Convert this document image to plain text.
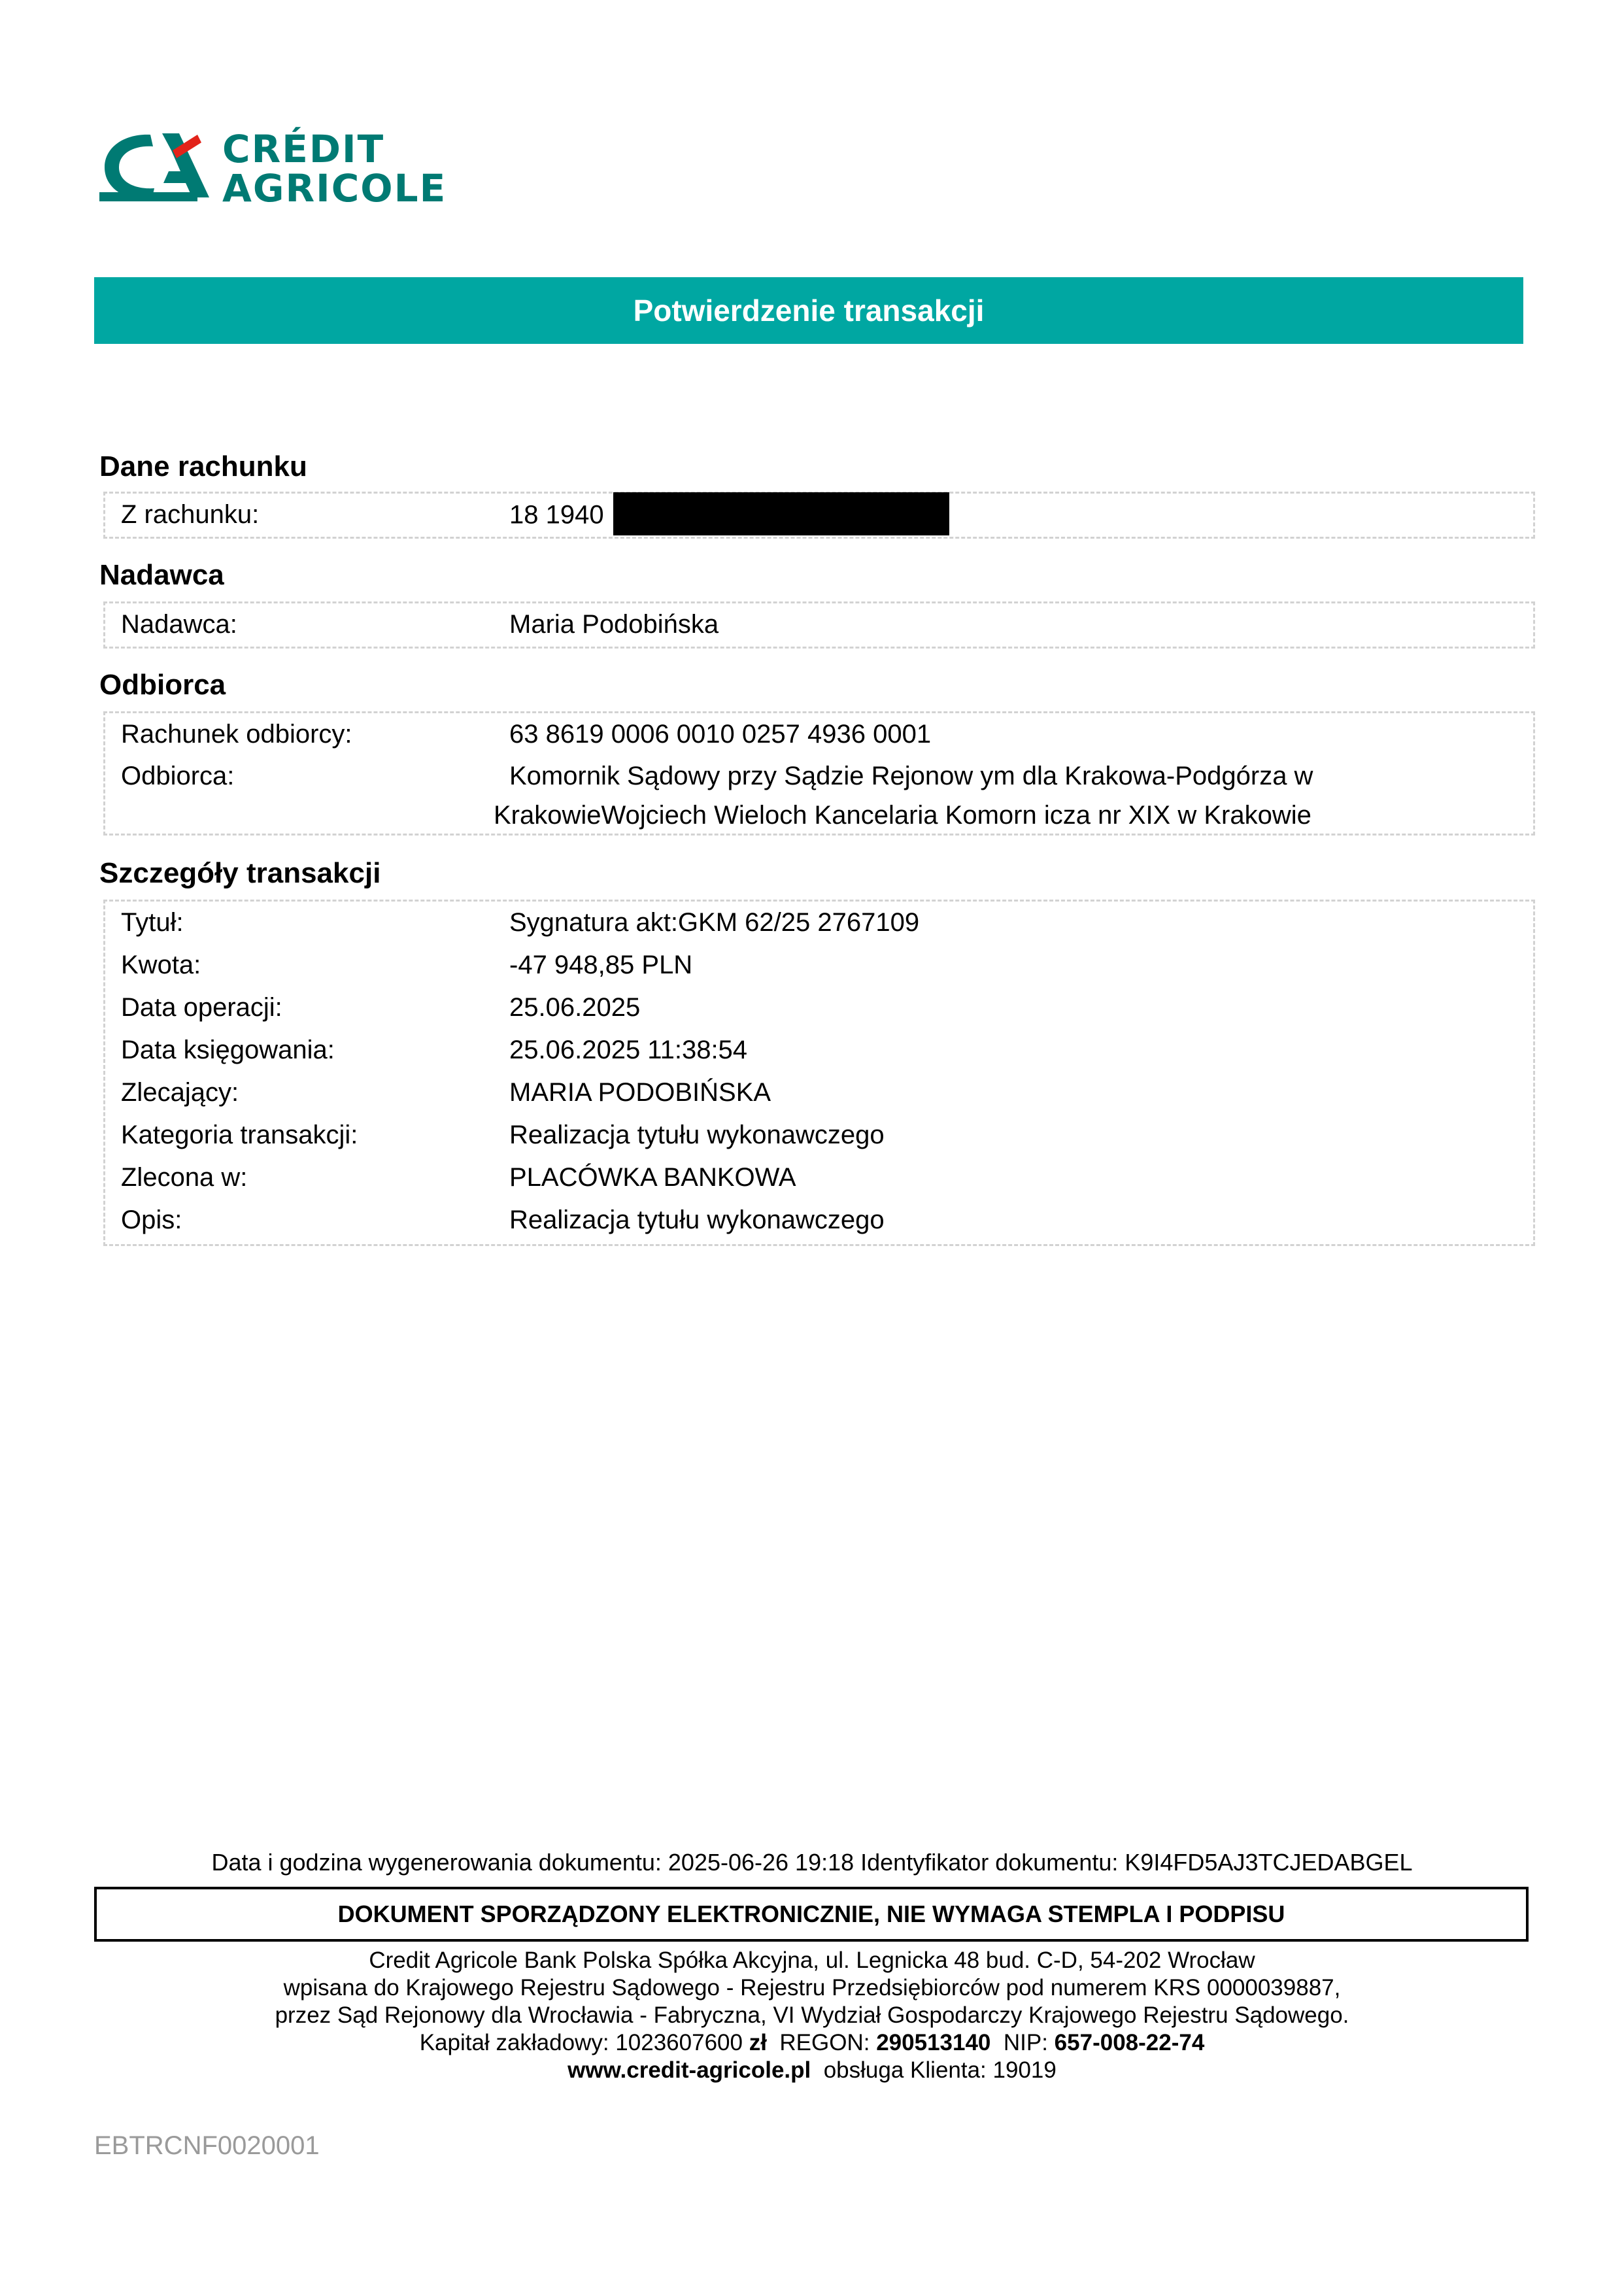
CRÉDIT
AGRICOLE
Potwierdzenie transakcji
Dane rachunku
Z rachunku:	18 1940
Nadawca
Nadawca:	Maria Podobińska
Odbiorca
Rachunek odbiorcy:	63 8619 0006 0010 0257 4936 0001
Odbiorca:	Komornik Sądowy przy Sądzie Rejonow ym dla Krakowa-Podgórza w KrakowieWojciech Wieloch Kancelaria Komorn icza nr XIX w Krakowie
Szczegóły transakcji
Tytuł:	Sygnatura akt:GKM 62/25 2767109
Kwota:	-47 948,85 PLN
Data operacji:	25.06.2025
Data księgowania:	25.06.2025 11:38:54
Zlecający:	MARIA PODOBIŃSKA
Kategoria transakcji:	Realizacja tytułu wykonawczego
Zlecona w:	PLACÓWKA BANKOWA
Opis:	Realizacja tytułu wykonawczego
Data i godzina wygenerowania dokumentu: 2025-06-26 19:18 Identyfikator dokumentu: K9I4FD5AJ3TCJEDABGEL
DOKUMENT SPORZĄDZONY ELEKTRONICZNIE, NIE WYMAGA STEMPLA I PODPISU
Credit Agricole Bank Polska Spółka Akcyjna, ul. Legnicka 48 bud. C-D, 54-202 Wrocław
wpisana do Krajowego Rejestru Sądowego - Rejestru Przedsiębiorców pod numerem KRS 0000039887,
przez Sąd Rejonowy dla Wrocławia - Fabryczna, VI Wydział Gospodarczy Krajowego Rejestru Sądowego.
Kapitał zakładowy: 1023607600 zł REGON: 290513140 NIP: 657-008-22-74
www.credit-agricole.pl obsługa Klienta: 19019
EBTRCNF0020001
